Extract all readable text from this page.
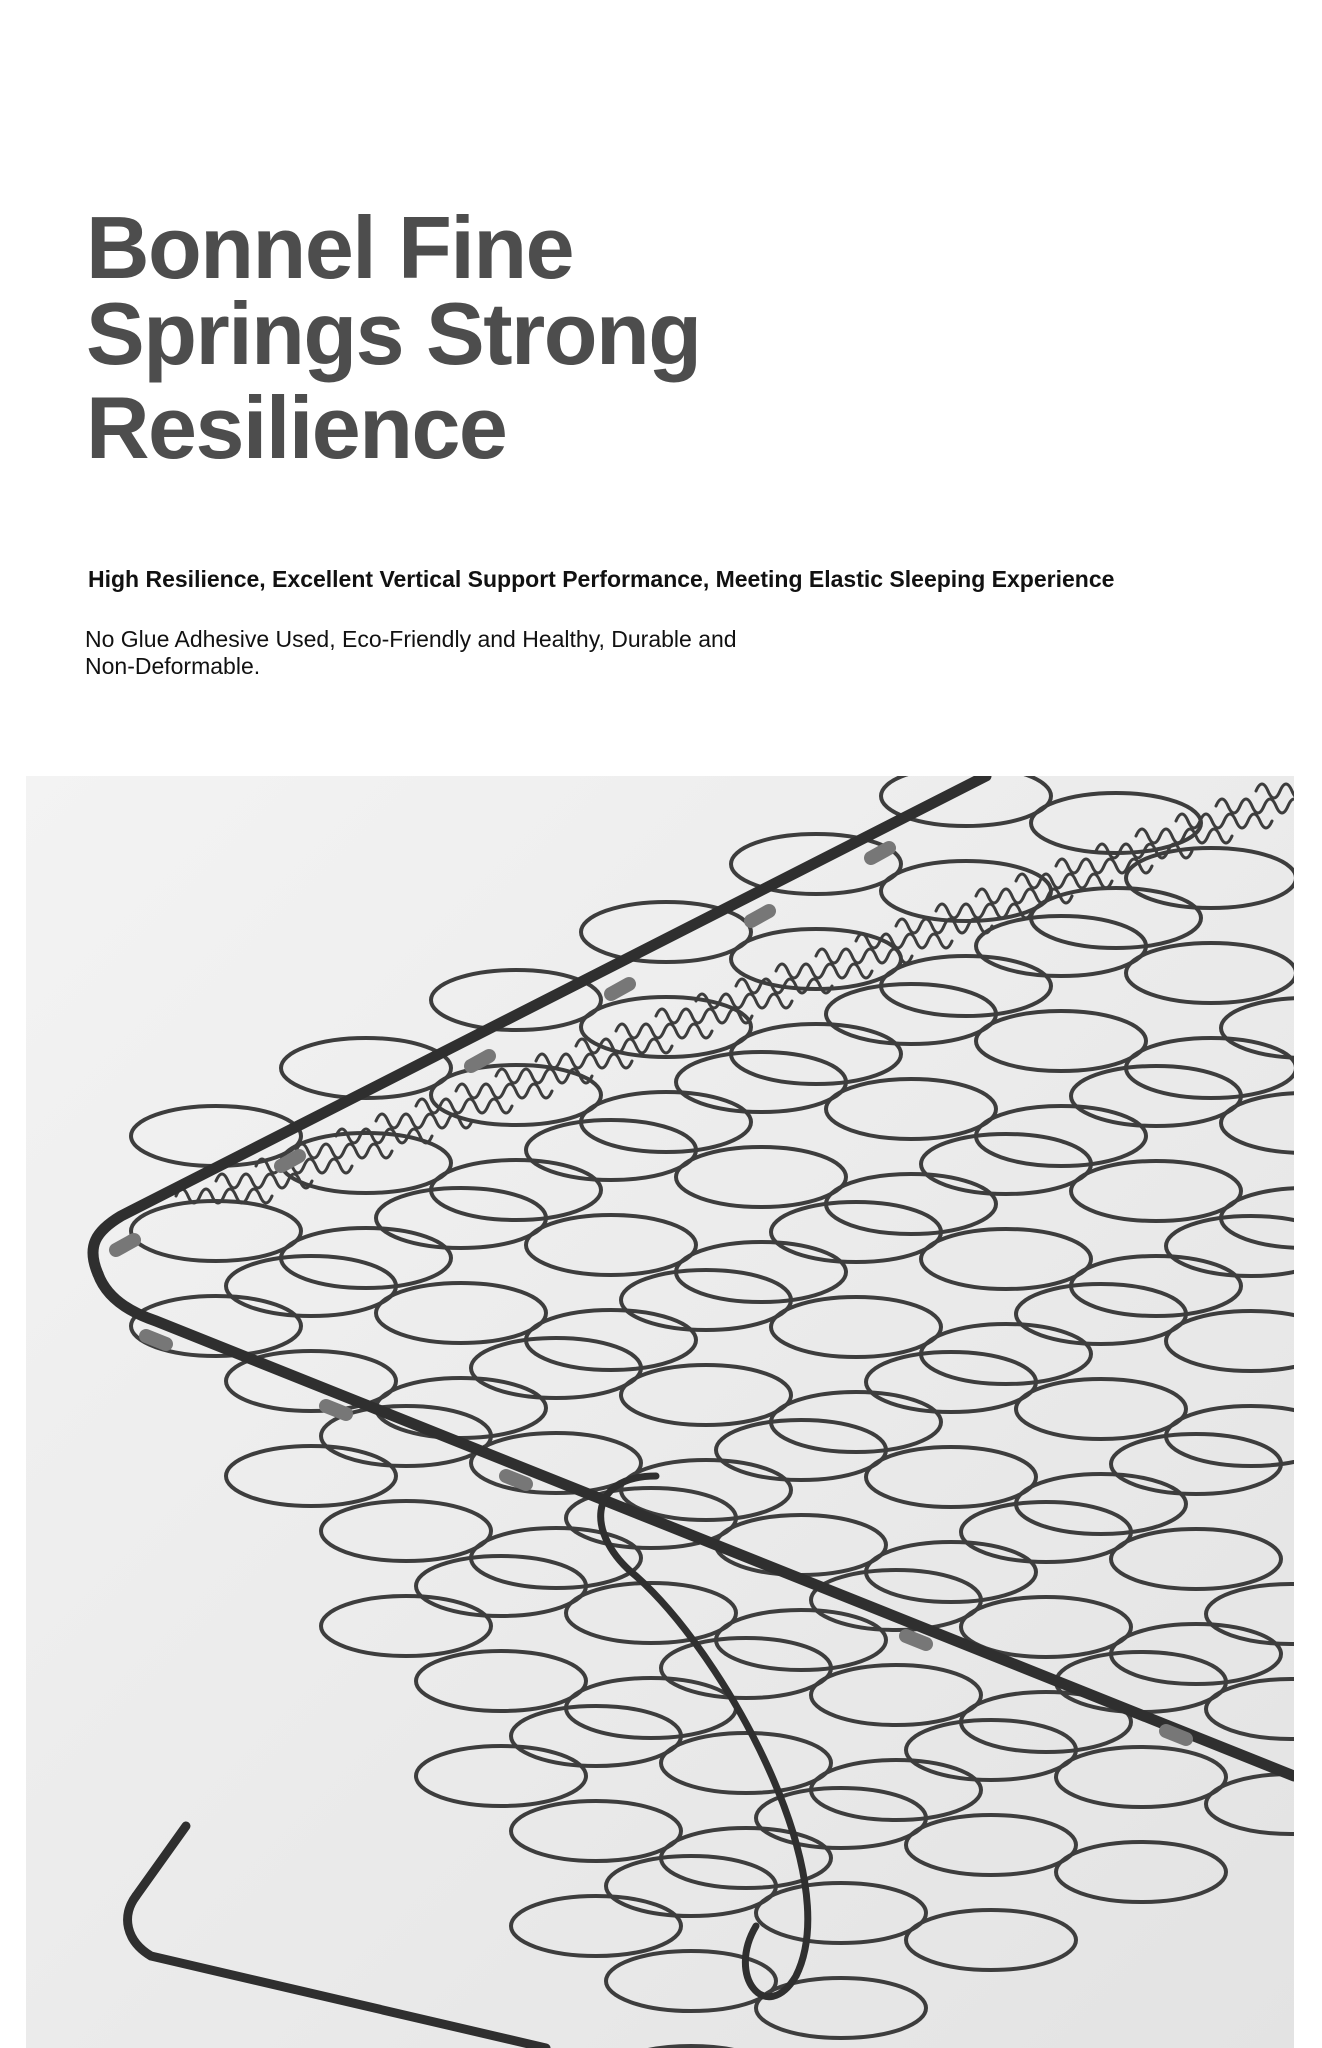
Bonnel Fine
Springs Strong
Resilience

High Resilience, Excellent Vertical Support Performance, Meeting Elastic Sleeping Experience

No Glue Adhesive Used, Eco-Friendly and Healthy, Durable and
Non-Deformable.
